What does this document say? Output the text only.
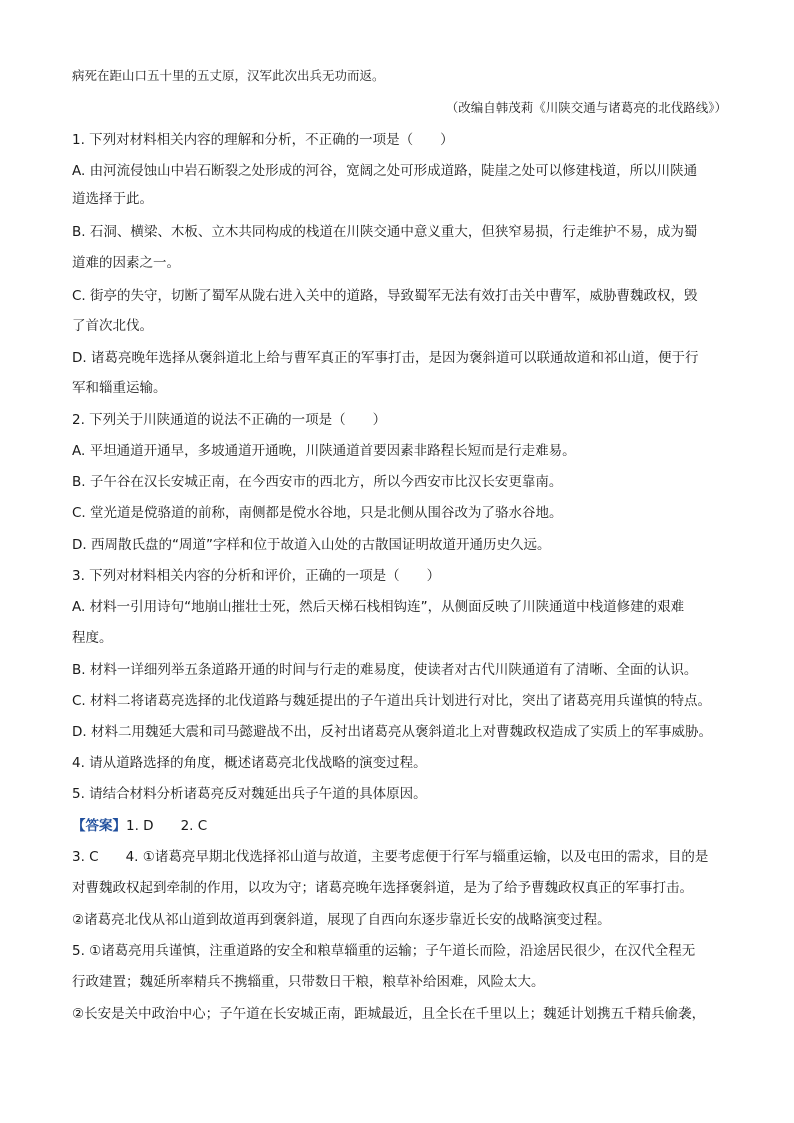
病死在距山口五十里的五丈原，汉军此次出兵无功而返。
（改编自韩茂莉《川陕交通与诸葛亮的北伐路线》）
1. 下列对材料相关内容的理解和分析，不正确的一项是（　　）
A. 由河流侵蚀山中岩石断裂之处形成的河谷，宽阔之处可形成道路，陡崖之处可以修建栈道，所以川陕通
道选择于此。
B. 石洞、横梁、木板、立木共同构成的栈道在川陕交通中意义重大，但狭窄易损，行走维护不易，成为蜀
道难的因素之一。
C. 街亭的失守，切断了蜀军从陇右进入关中的道路，导致蜀军无法有效打击关中曹军，威胁曹魏政权，毁
了首次北伐。
D. 诸葛亮晚年选择从褒斜道北上给与曹军真正的军事打击，是因为褒斜道可以联通故道和祁山道，便于行
军和辎重运输。
2. 下列关于川陕通道的说法不正确的一项是（　　）
A. 平坦通道开通早，多坡通道开通晚，川陕通道首要因素非路程长短而是行走难易。
B. 子午谷在汉长安城正南，在今西安市的西北方，所以今西安市比汉长安更靠南。
C. 堂光道是傥骆道的前称，南侧都是傥水谷地，只是北侧从围谷改为了骆水谷地。
D. 西周散氏盘的“周道”字样和位于故道入山处的古散国证明故道开通历史久远。
3. 下列对材料相关内容的分析和评价，正确的一项是（　　）
A. 材料一引用诗句“地崩山摧壮士死，然后天梯石栈相钩连”，从侧面反映了川陕通道中栈道修建的艰难
程度。
B. 材料一详细列举五条道路开通的时间与行走的难易度，使读者对古代川陕通道有了清晰、全面的认识。
C. 材料二将诸葛亮选择的北伐道路与魏延提出的子午道出兵计划进行对比，突出了诸葛亮用兵谨慎的特点。
D. 材料二用魏延大震和司马懿避战不出，反衬出诸葛亮从褒斜道北上对曹魏政权造成了实质上的军事威胁。
4. 请从道路选择的角度，概述诸葛亮北伐战略的演变过程。
5. 请结合材料分析诸葛亮反对魏延出兵子午道的具体原因。
【答案】1. D　　2. C
3. C　　4. ①诸葛亮早期北伐选择祁山道与故道，主要考虑便于行军与辎重运输，以及屯田的需求，目的是
对曹魏政权起到牵制的作用，以攻为守；诸葛亮晚年选择褒斜道，是为了给予曹魏政权真正的军事打击。
②诸葛亮北伐从祁山道到故道再到褒斜道，展现了自西向东逐步靠近长安的战略演变过程。
5. ①诸葛亮用兵谨慎，注重道路的安全和粮草辎重的运输；子午道长而险，沿途居民很少，在汉代全程无
行政建置；魏延所率精兵不携辎重，只带数日干粮，粮草补给困难，风险太大。
②长安是关中政治中心；子午道在长安城正南，距城最近，且全长在千里以上；魏延计划携五千精兵偷袭，
